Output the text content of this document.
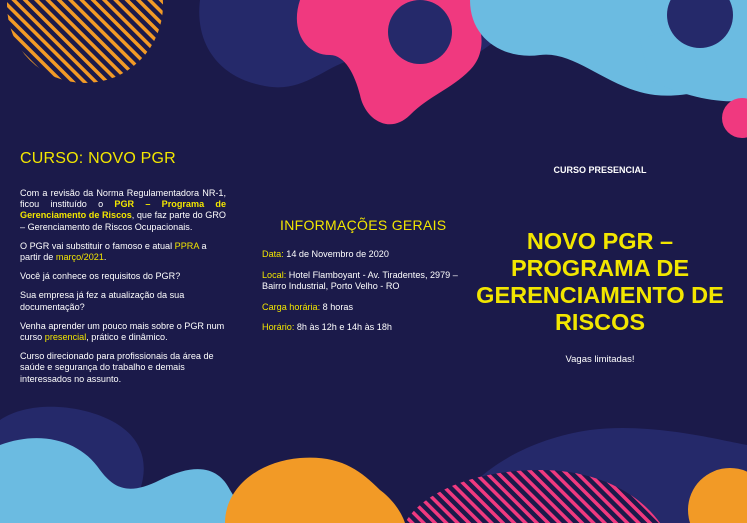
CURSO: NOVO PGR

Com a revisão da Norma Regulamentadora NR-1, ficou instituído o PGR – Programa de Gerenciamento de Riscos, que faz parte do GRO – Gerenciamento de Riscos Ocupacionais.

O PGR vai substituir o famoso e atual PPRA a partir de março/2021.

Você já conhece os requisitos do PGR?

Sua empresa já fez a atualização da sua documentação?

Venha aprender um pouco mais sobre o PGR num curso presencial, prático e dinâmico.

Curso direcionado para profissionais da área de saúde e segurança do trabalho e demais interessados no assunto.

INFORMAÇÕES GERAIS

Data: 14 de Novembro de 2020

Local: Hotel Flamboyant - Av. Tiradentes, 2979 – Bairro Industrial, Porto Velho - RO

Carga horária: 8 horas

Horário: 8h às 12h e 14h às 18h

CURSO PRESENCIAL
NOVO PGR – PROGRAMA DE GERENCIAMENTO DE RISCOS
Vagas limitadas!
